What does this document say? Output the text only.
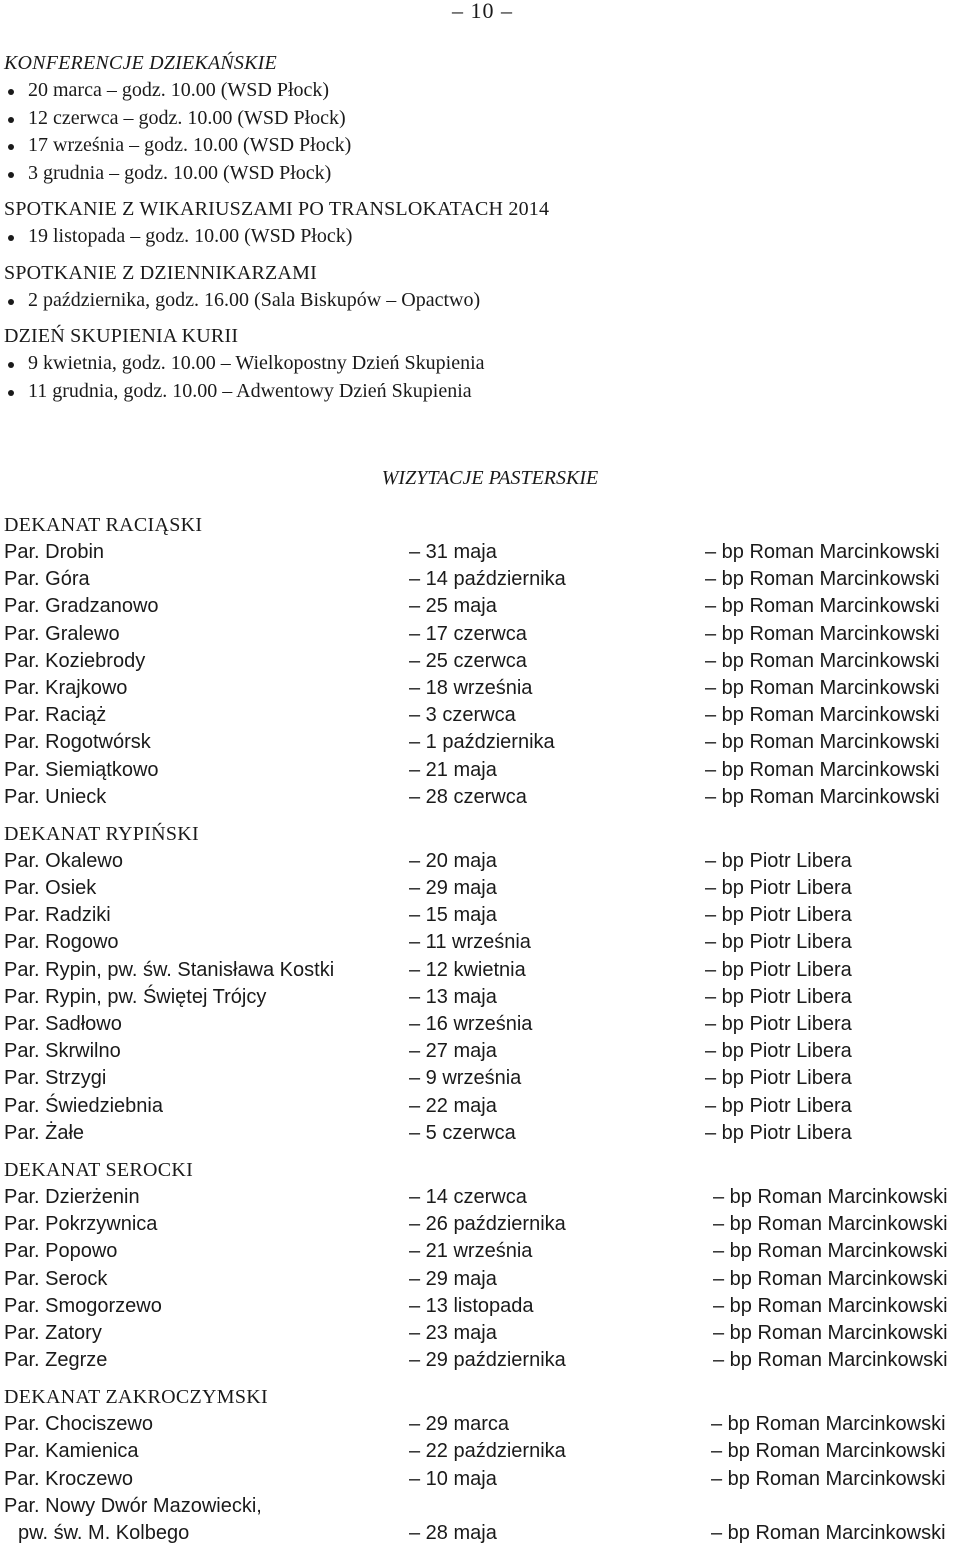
– 10 –
KONFERENCJE DZIEKAŃSKIE
20 marca – godz. 10.00 (WSD Płock)
12 czerwca – godz. 10.00 (WSD Płock)
17 września – godz. 10.00 (WSD Płock)
3 grudnia – godz. 10.00 (WSD Płock)
SPOTKANIE Z WIKARIUSZAMI PO TRANSLOKATACH 2014
19 listopada – godz. 10.00 (WSD Płock)
SPOTKANIE Z DZIENNIKARZAMI
2 października, godz. 16.00 (Sala Biskupów – Opactwo)
DZIEŃ SKUPIENIA KURII
9 kwietnia, godz. 10.00 – Wielkopostny Dzień Skupienia
11 grudnia, godz. 10.00 – Adwentowy Dzień Skupienia
WIZYTACJE PASTERSKIE
DEKANAT RACIĄSKI
Par. Drobin	– 31 maja	– bp Roman Marcinkowski
Par. Góra	– 14 października	– bp Roman Marcinkowski
Par. Gradzanowo	– 25 maja	– bp Roman Marcinkowski
Par. Gralewo	– 17 czerwca	– bp Roman Marcinkowski
Par. Koziebrody	– 25 czerwca	– bp Roman Marcinkowski
Par. Krajkowo	– 18 września	– bp Roman Marcinkowski
Par. Raciąż	– 3 czerwca	– bp Roman Marcinkowski
Par. Rogotwórsk	– 1 października	– bp Roman Marcinkowski
Par. Siemiątkowo	– 21 maja	– bp Roman Marcinkowski
Par. Unieck	– 28 czerwca	– bp Roman Marcinkowski
DEKANAT RYPIŃSKI
Par. Okalewo	– 20 maja	– bp Piotr Libera
Par. Osiek	– 29 maja	– bp Piotr Libera
Par. Radziki	– 15 maja	– bp Piotr Libera
Par. Rogowo	– 11 września	– bp Piotr Libera
Par. Rypin, pw. św. Stanisława Kostki	– 12 kwietnia	– bp Piotr Libera
Par. Rypin, pw. Świętej Trójcy	– 13 maja	– bp Piotr Libera
Par. Sadłowo	– 16 września	– bp Piotr Libera
Par. Skrwilno	– 27 maja	– bp Piotr Libera
Par. Strzygi	– 9 września	– bp Piotr Libera
Par. Świedziebnia	– 22 maja	– bp Piotr Libera
Par. Żałe	– 5 czerwca	– bp Piotr Libera
DEKANAT SEROCKI
Par. Dzierżenin	– 14 czerwca	– bp Roman Marcinkowski
Par. Pokrzywnica	– 26 października	– bp Roman Marcinkowski
Par. Popowo	– 21 września	– bp Roman Marcinkowski
Par. Serock	– 29 maja	– bp Roman Marcinkowski
Par. Smogorzewo	– 13 listopada	– bp Roman Marcinkowski
Par. Zatory	– 23 maja	– bp Roman Marcinkowski
Par. Zegrze	– 29 października	– bp Roman Marcinkowski
DEKANAT ZAKROCZYMSKI
Par. Chociszewo	– 29 marca	– bp Roman Marcinkowski
Par. Kamienica	– 22 października	– bp Roman Marcinkowski
Par. Kroczewo	– 10 maja	– bp Roman Marcinkowski
Par. Nowy Dwór Mazowiecki,
pw. św. M. Kolbego	– 28 maja	– bp Roman Marcinkowski
